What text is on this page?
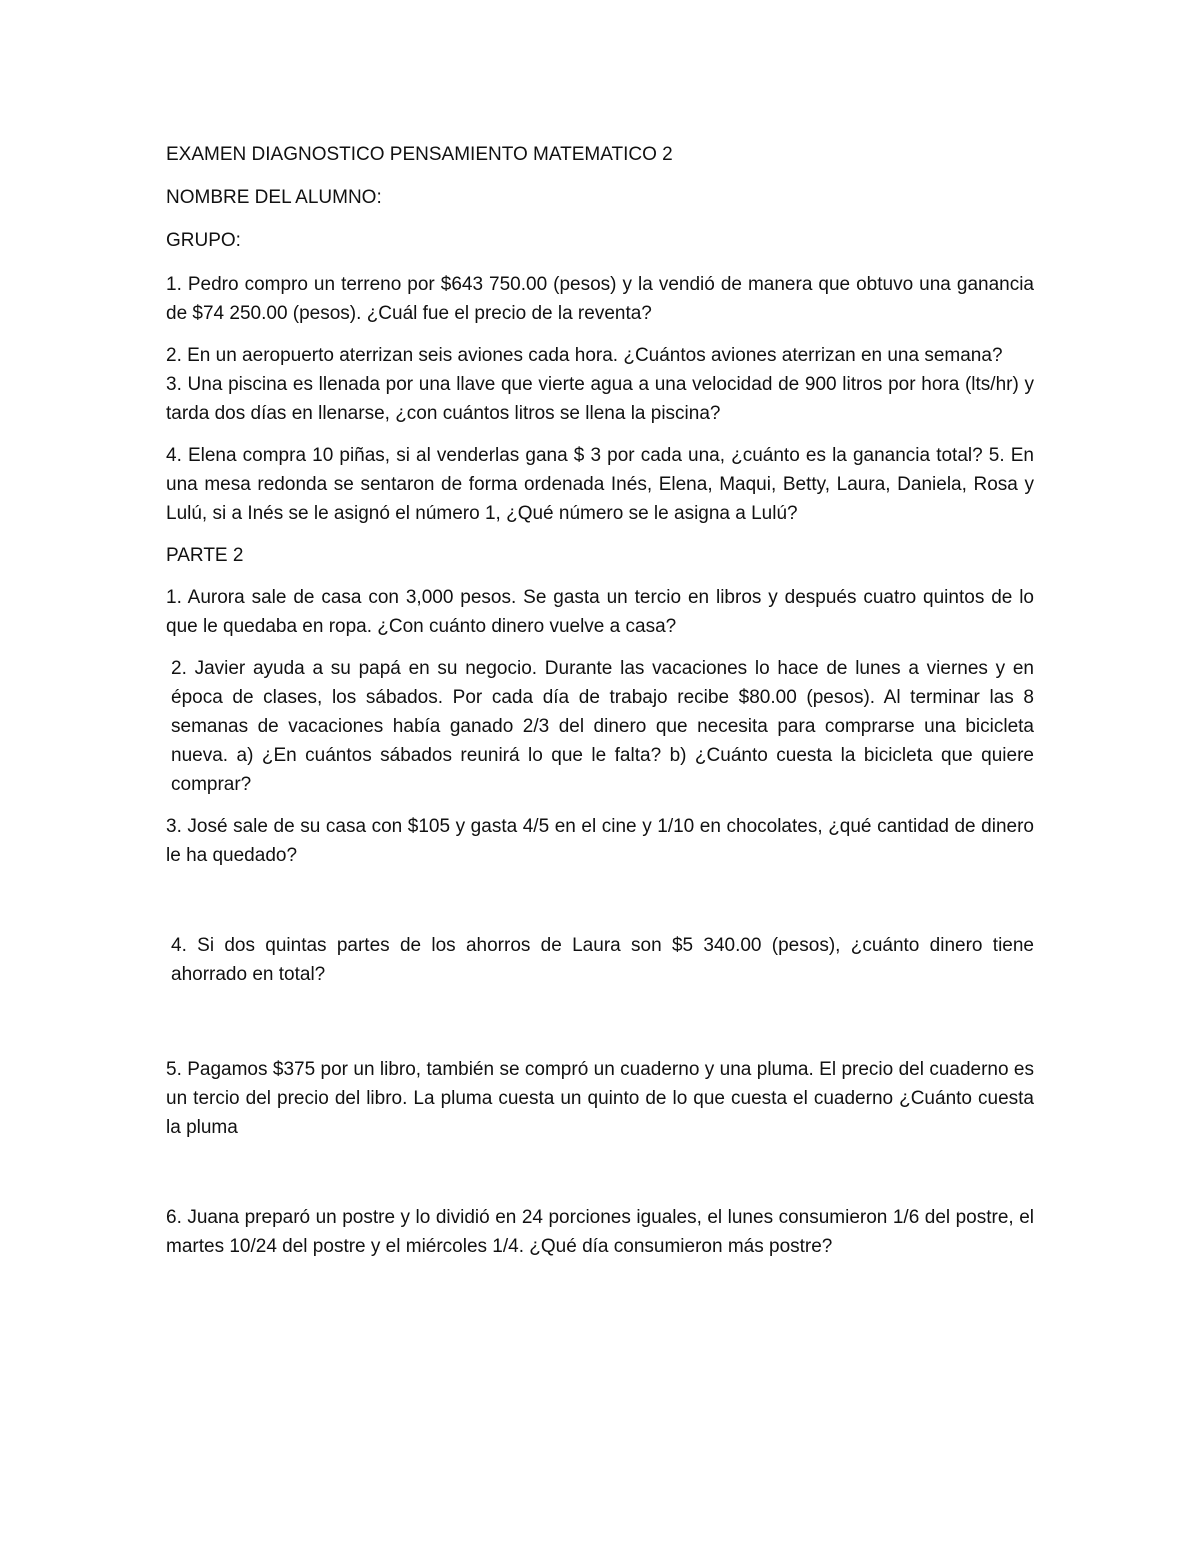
EXAMEN DIAGNOSTICO PENSAMIENTO MATEMATICO 2

NOMBRE DEL ALUMNO:

GRUPO:

1. Pedro compro un terreno por $643 750.00 (pesos) y la vendió de manera que obtuvo una ganancia de $74 250.00 (pesos). ¿Cuál fue el precio de la reventa?

2. En un aeropuerto aterrizan seis aviones cada hora. ¿Cuántos aviones aterrizan en una semana?

3. Una piscina es llenada por una llave que vierte agua a una velocidad de 900 litros por hora (lts/hr) y tarda dos días en llenarse, ¿con cuántos litros se llena la piscina?

4. Elena compra 10 piñas, si al venderlas gana $ 3 por cada una, ¿cuánto es la ganancia total? 5. En una mesa redonda se sentaron de forma ordenada Inés, Elena, Maqui, Betty, Laura, Daniela, Rosa y Lulú, si a Inés se le asignó el número 1, ¿Qué número se le asigna a Lulú?

PARTE 2

1. Aurora sale de casa con 3,000 pesos. Se gasta un tercio en libros y después cuatro quintos de lo que le quedaba en ropa. ¿Con cuánto dinero vuelve a casa?

2. Javier ayuda a su papá en su negocio. Durante las vacaciones lo hace de lunes a viernes y en época de clases, los sábados. Por cada día de trabajo recibe $80.00 (pesos). Al terminar las 8 semanas de vacaciones había ganado 2/3 del dinero que necesita para comprarse una bicicleta nueva. a) ¿En cuántos sábados reunirá lo que le falta? b) ¿Cuánto cuesta la bicicleta que quiere comprar?

3. José sale de su casa con $105 y gasta 4/5 en el cine y 1/10 en chocolates, ¿qué cantidad de dinero le ha quedado?

4. Si dos quintas partes de los ahorros de Laura son $5 340.00 (pesos), ¿cuánto dinero tiene ahorrado en total?

5. Pagamos $375 por un libro, también se compró un cuaderno y una pluma. El precio del cuaderno es un tercio del precio del libro. La pluma cuesta un quinto de lo que cuesta el cuaderno ¿Cuánto cuesta la pluma

6. Juana preparó un postre y lo dividió en 24 porciones iguales, el lunes consumieron 1/6 del postre, el martes 10/24 del postre y el miércoles 1/4. ¿Qué día consumieron más postre?
